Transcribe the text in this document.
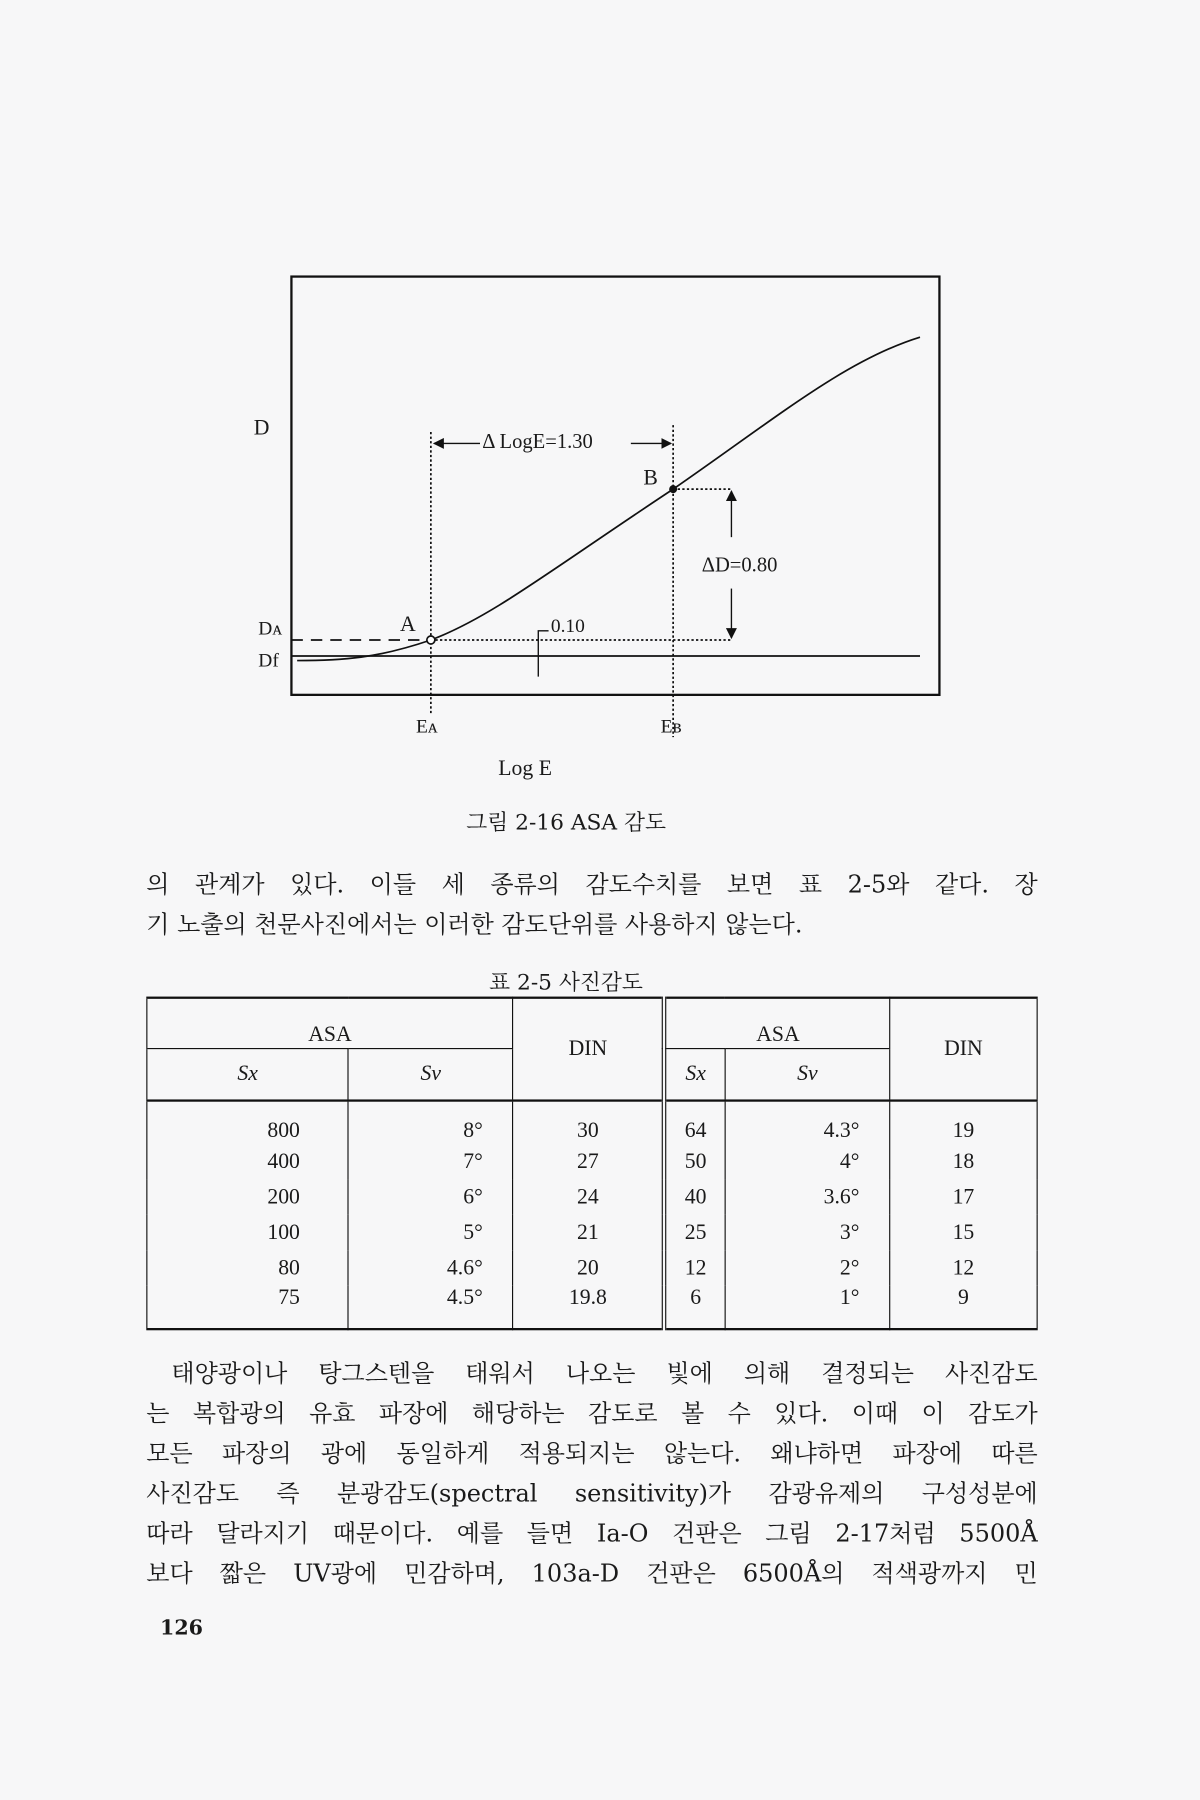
D
Dᴀ
Df
A
B
Δ LogE=1.30
ΔD=0.80
0.10
Eᴀ	Eʙ
Log E
그림 2-16 ASA 감도
의 관계가 있다. 이들 세 종류의 감도수치를 보면 표 2-5와 같다. 장
기 노출의 천문사진에서는 이러한 감도단위를 사용하지 않는다.
표 2-5 사진감도
ASA		DIN	ASA		DIN
Sx	Sv		Sx	Sv	
800	8°	30	64	4.3°	19
400	7°	27	50	4°	18
200	6°	24	40	3.6°	17
100	5°	21	25	3°	15
80	4.6°	20	12	2°	12
75	4.5°	19.8	6	1°	9
태양광이나 탕그스텐을 태워서 나오는 빛에 의해 결정되는 사진감도
는 복합광의 유효 파장에 해당하는 감도로 볼 수 있다. 이때 이 감도가
모든 파장의 광에 동일하게 적용되지는 않는다. 왜냐하면 파장에 따른
사진감도 즉 분광감도(spectral sensitivity)가 감광유제의 구성성분에
따라 달라지기 때문이다. 예를 들면 Ia-O 건판은 그림 2-17처럼 5500Å
보다 짧은 UV광에 민감하며, 103a-D 건판은 6500Å의 적색광까지 민
126
